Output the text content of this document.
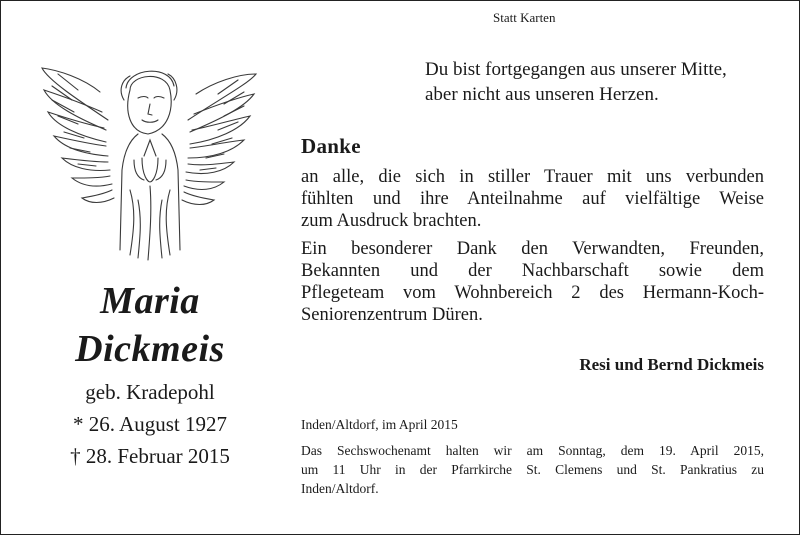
Maria
Dickmeis
geb. Kradepohl
* 26. August 1927
† 28. Februar 2015
Statt Karten
Du bist fortgegangen aus unserer Mitte,
aber nicht aus unseren Herzen.
Danke
an alle, die sich in stiller Trauer mit uns verbunden
fühlten und ihre Anteilnahme auf vielfältige Weise
zum Ausdruck brachten.
Ein besonderer Dank den Verwandten, Freunden,
Bekannten und der Nachbarschaft sowie dem
Pflegeteam vom Wohnbereich 2 des Hermann-Koch-
Seniorenzentrum Düren.
Resi und Bernd Dickmeis
Inden/Altdorf, im April 2015
Das Sechswochenamt halten wir am Sonntag, dem 19. April 2015,
um 11 Uhr in der Pfarrkirche St. Clemens und St. Pankratius zu
Inden/Altdorf.
